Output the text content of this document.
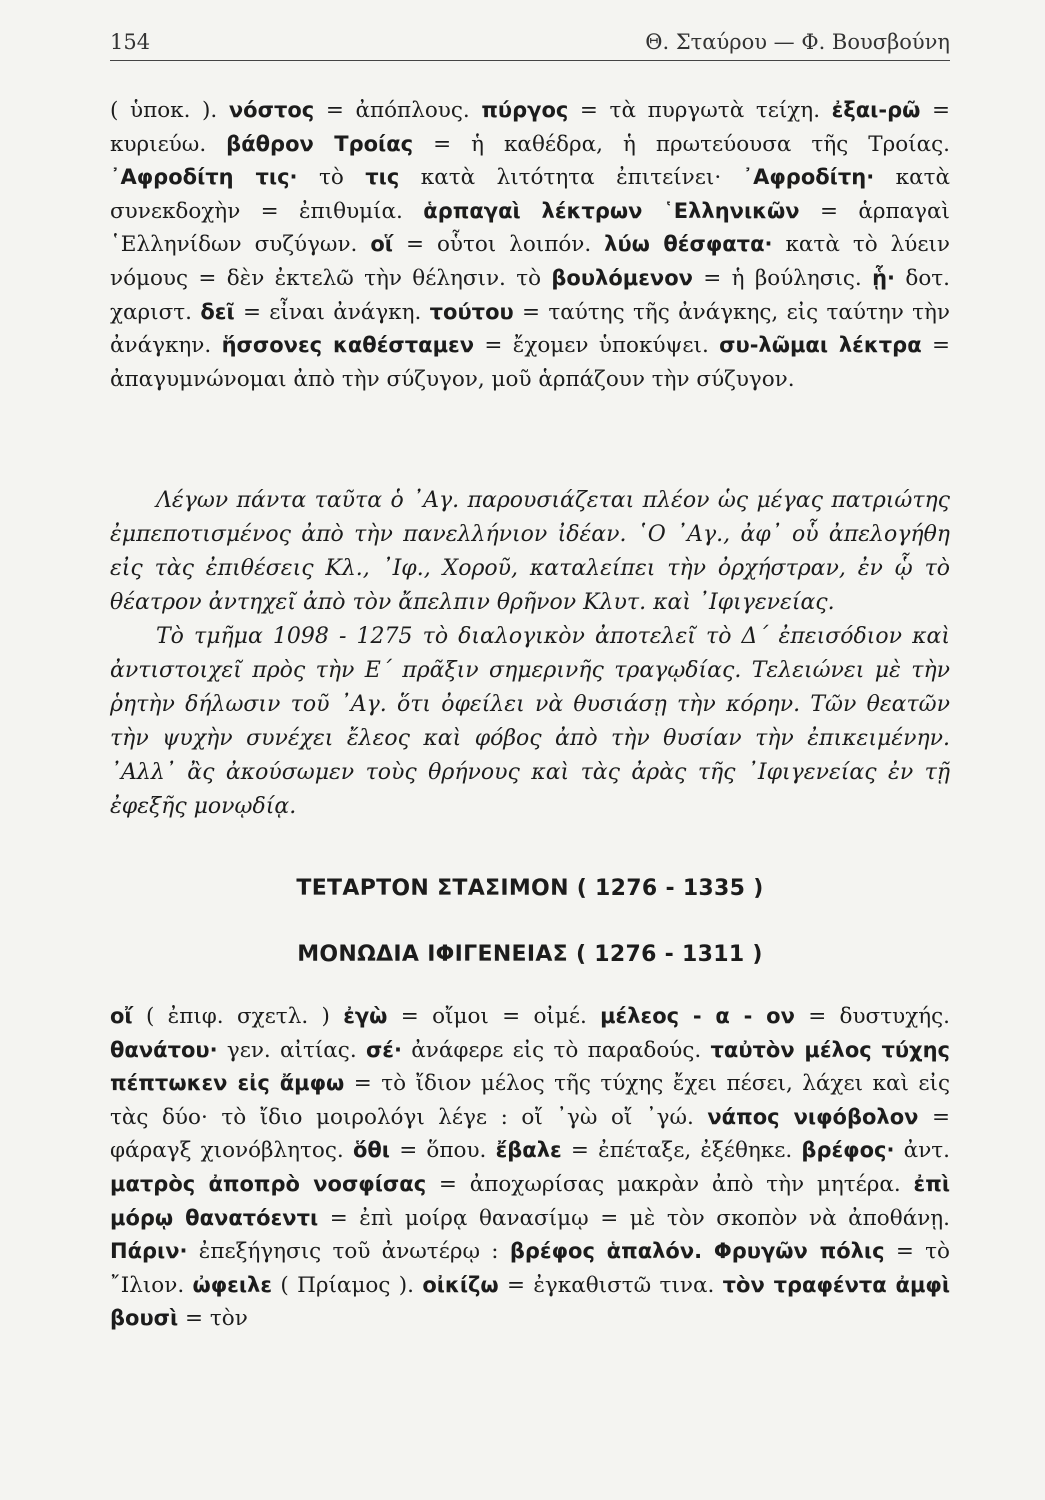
154	Θ. Σταύρου — Φ. Βουσβούνη

( ὑποκ. ). νόστος = ἀπόπλους. πύργος = τὰ πυργωτὰ τείχη. ἐξαι-ρῶ = κυριεύω. βάθρον Τροίας = ἡ καθέδρα, ἡ πρωτεύουσα τῆς Τροίας. ᾿Αφροδίτη τις· τὸ τις κατὰ λιτότητα ἐπιτείνει· ᾿Αφροδίτη· κατὰ συνεκδοχὴν = ἐπιθυμία. ἁρπαγαὶ λέκτρων ῾Ελληνικῶν = ἁρπαγαὶ ῾Ελληνίδων συζύγων. οἵ = οὗτοι λοιπόν. λύω θέσφατα· κατὰ τὸ λύειν νόμους = δὲν ἐκτελῶ τὴν θέλησιν. τὸ βουλόμενον = ἡ βούλησις. ᾗ· δοτ. χαριστ. δεῖ = εἶναι ἀνάγκη. τούτου = ταύτης τῆς ἀνάγκης, εἰς ταύτην τὴν ἀνάγκην. ἥσσονες καθέσταμεν = ἔχομεν ὑποκύψει. συ-λῶμαι λέκτρα = ἀπαγυμνώνομαι ἀπὸ τὴν σύζυγον, μοῦ ἁρπάζουν τὴν σύζυγον.

Λέγων πάντα ταῦτα ὁ ᾿Αγ. παρουσιάζεται πλέον ὡς μέγας πατριώτης ἐμπεποτισμένος ἀπὸ τὴν πανελλήνιον ἰδέαν. ῾Ο ᾿Αγ., ἀφ᾿ οὗ ἀπελογήθη εἰς τὰς ἐπιθέσεις Κλ., ᾿Ιφ., Χοροῦ, καταλείπει τὴν ὀρχήστραν, ἐν ᾧ τὸ θέατρον ἀντηχεῖ ἀπὸ τὸν ἄπελπιν θρῆνον Κλυτ. καὶ ᾿Ιφιγενείας.

Τὸ τμῆμα 1098 - 1275 τὸ διαλογικὸν ἀποτελεῖ τὸ Δ΄ ἐπεισόδιον καὶ ἀντιστοιχεῖ πρὸς τὴν Ε΄ πρᾶξιν σημερινῆς τραγῳδίας. Τελειώνει μὲ τὴν ῥητὴν δήλωσιν τοῦ ᾿Αγ. ὅτι ὀφείλει νὰ θυσιάσῃ τὴν κόρην. Τῶν θεατῶν τὴν ψυχὴν συνέχει ἔλεος καὶ φόβος ἀπὸ τὴν θυσίαν τὴν ἐπικειμένην. ᾿Αλλ᾿ ἂς ἀκούσωμεν τοὺς θρήνους καὶ τὰς ἀρὰς τῆς ᾿Ιφιγενείας ἐν τῇ ἐφεξῆς μονῳδίᾳ.

ΤΕΤΑΡΤΟΝ ΣΤΑΣΙΜΟΝ ( 1276 - 1335 )
ΜΟΝΩΔΙΑ ΙΦΙΓΕΝΕΙΑΣ ( 1276 - 1311 )

οἴ ( ἐπιφ. σχετλ. ) ἐγὼ = οἴμοι = οἰμέ. μέλεος - α - ον = δυστυχής. θανάτου· γεν. αἰτίας. σέ· ἀνάφερε εἰς τὸ παραδούς. ταὐτὸν μέλος τύχης πέπτωκεν εἰς ἄμφω = τὸ ἴδιον μέλος τῆς τύχης ἔχει πέσει, λάχει καὶ εἰς τὰς δύο· τὸ ἴδιο μοιρολόγι λέγε : οἴ ᾿γὼ οἴ ᾿γώ. νάπος νιφόβολον = φάραγξ χιονόβλητος. ὅθι = ὅπου. ἔβαλε = ἐπέταξε, ἐξέθηκε. βρέφος· ἀντ. ματρὸς ἀποπρὸ νοσφίσας = ἀποχωρίσας μακρὰν ἀπὸ τὴν μητέρα. ἐπὶ μόρῳ θανατόεντι = ἐπὶ μοίρᾳ θανασίμῳ = μὲ τὸν σκοπὸν νὰ ἀποθάνῃ. Πάριν· ἐπεξήγησις τοῦ ἀνωτέρῳ : βρέφος ἁπαλόν. Φρυγῶν πόλις = τὸ ῎Ιλιον. ὠφειλε ( Πρίαμος ). οἰκίζω = ἐγκαθιστῶ τινα. τὸν τραφέντα ἀμφὶ βουσὶ = τὸν
